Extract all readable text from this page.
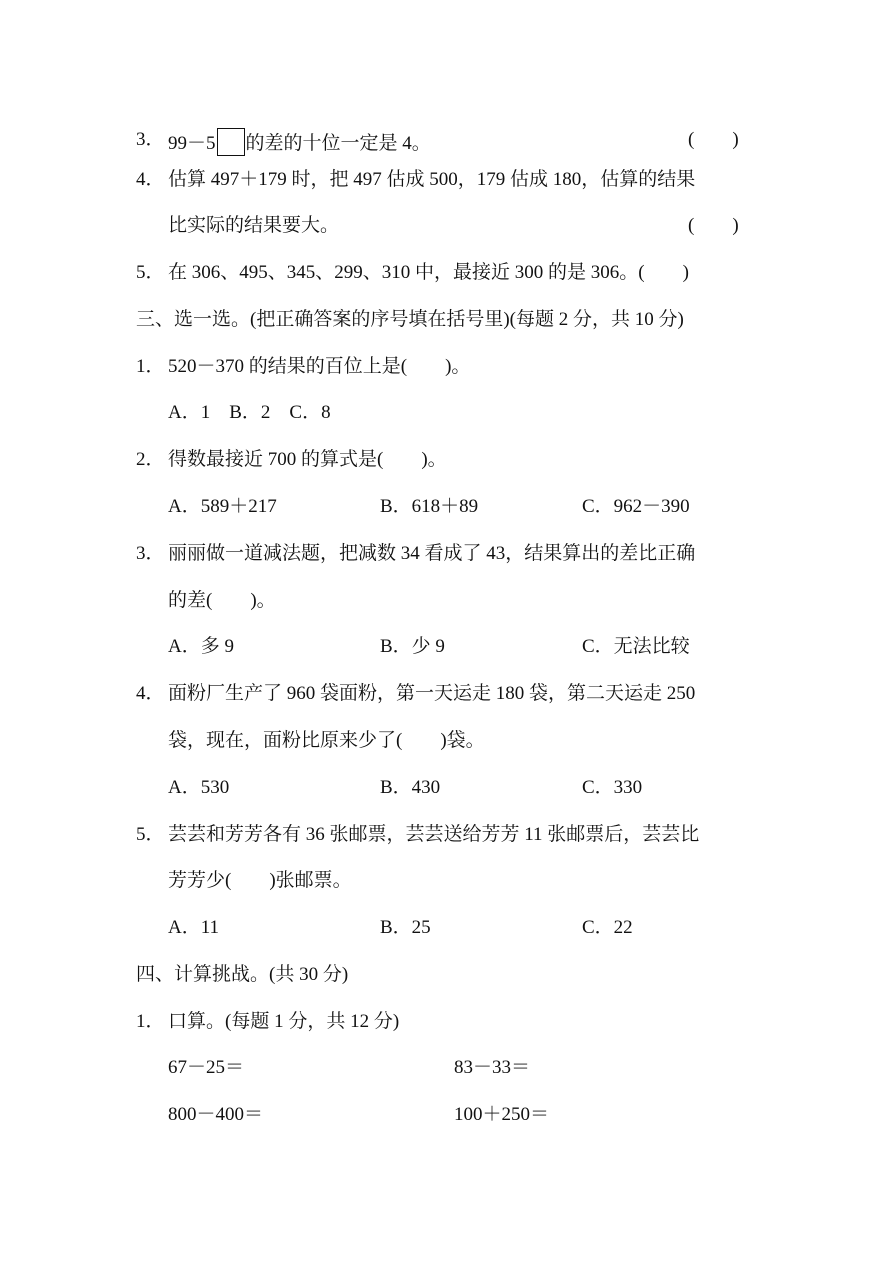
3． 99－5 的差的十位一定是 4。	(　　)
4． 估算 497＋179 时，把 497 估成 500，179 估成 180，估算的结果
比实际的结果要大。	(　　)
5． 在 306、495、345、299、310 中，最接近 300 的是 306。(　　)
三、选一选。(把正确答案的序号填在括号里)(每题 2 分，共 10 分)
1． 520－370 的结果的百位上是(　　)。
A．1　B．2　C．8
2． 得数最接近 700 的算式是(　　)。
A．589＋217	B．618＋89	C．962－390
3． 丽丽做一道减法题，把减数 34 看成了 43，结果算出的差比正确
的差(　　)。
A．多 9	B．少 9	C．无法比较
4． 面粉厂生产了 960 袋面粉，第一天运走 180 袋，第二天运走 250
袋，现在，面粉比原来少了(　　)袋。
A．530	B．430	C．330
5． 芸芸和芳芳各有 36 张邮票，芸芸送给芳芳 11 张邮票后，芸芸比
芳芳少(　　)张邮票。
A．11	B．25	C．22
四、计算挑战。(共 30 分)
1． 口算。(每题 1 分，共 12 分)
67－25＝	83－33＝
800－400＝	100＋250＝
